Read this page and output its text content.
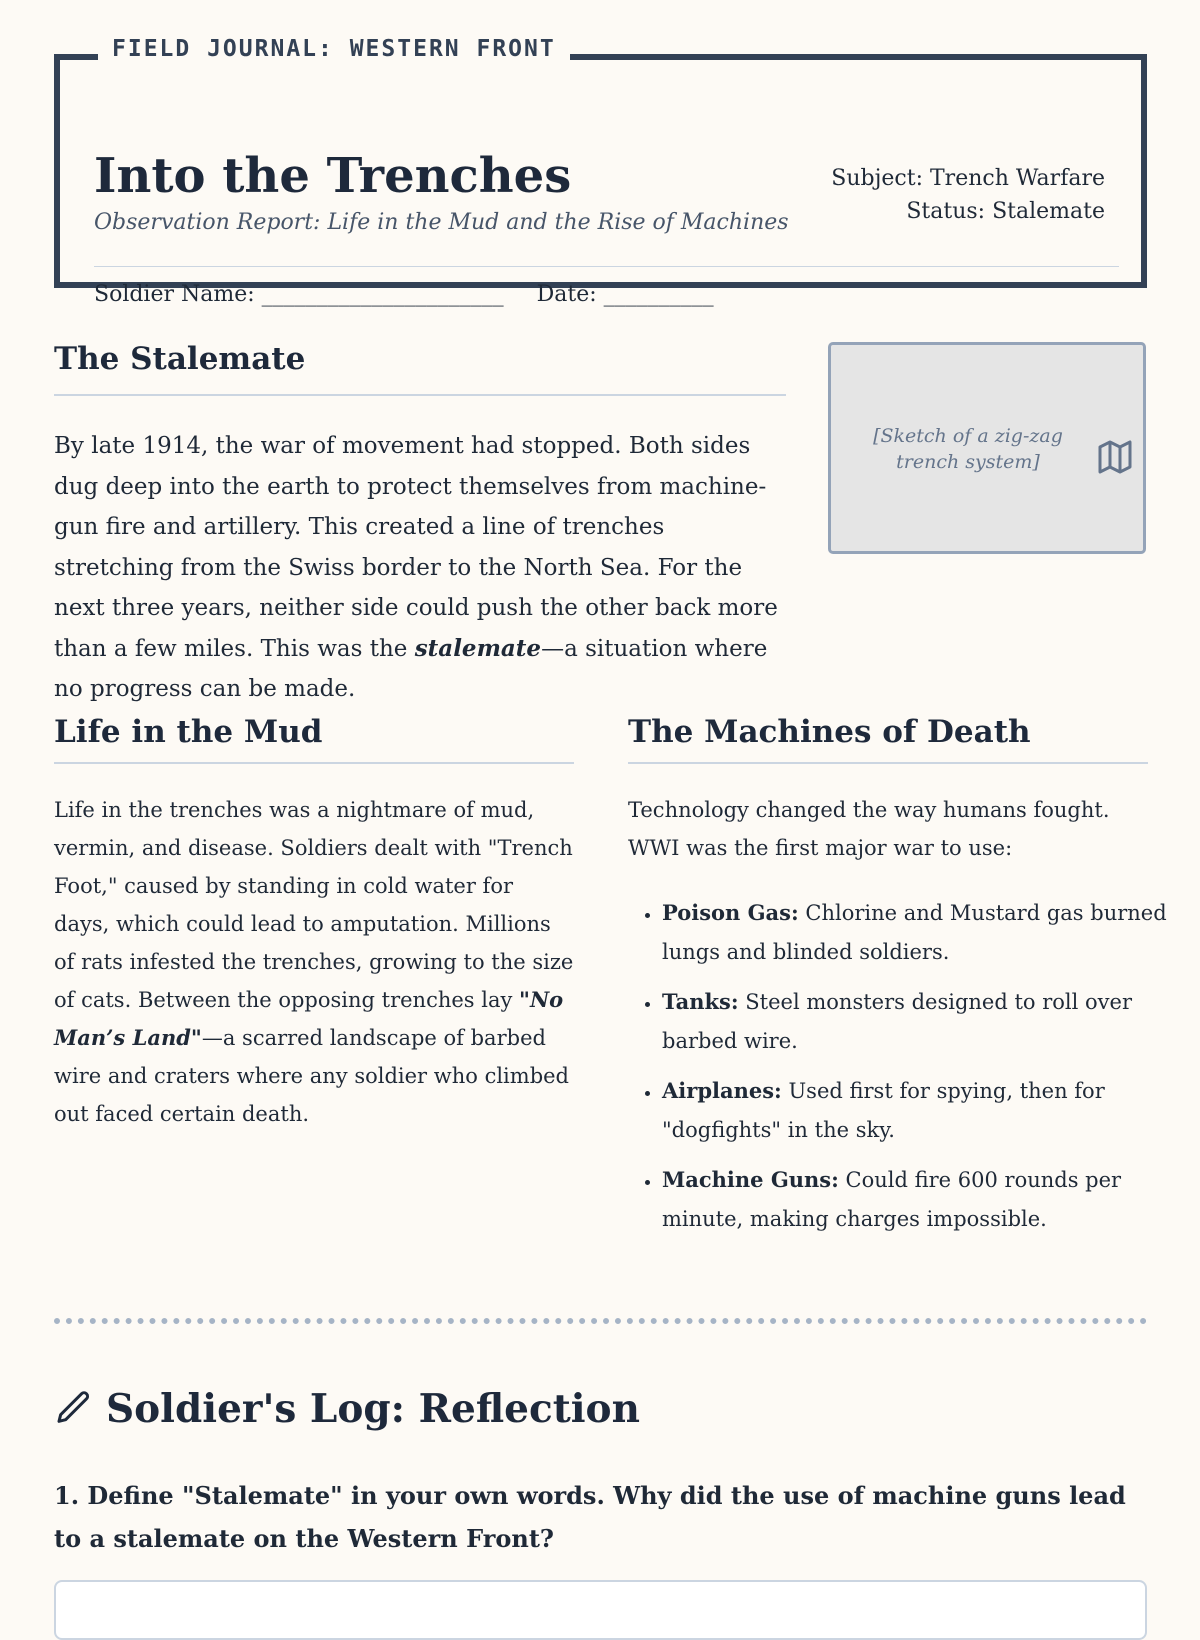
Into the Trenches
Observation Report: Life in the Mud and the Rise of Machines
Subject: Trench Warfare
Status: Stalemate
Soldier Name: ______________________ Date: __________
FIELD JOURNAL: WESTERN FRONT
The Stalemate
By late 1914, the war of movement had stopped. Both sides dug deep into the earth to protect themselves from machine-gun fire and artillery. This created a line of trenches stretching from the Swiss border to the North Sea. For the next three years, neither side could push the other back more than a few miles. This was the stalemate—a situation where no progress can be made.
[Sketch of a zig-zag trench system]
Life in the Mud
Life in the trenches was a nightmare of mud, vermin, and disease. Soldiers dealt with "Trench Foot," caused by standing in cold water for days, which could lead to amputation. Millions of rats infested the trenches, growing to the size of cats. Between the opposing trenches lay "No Man’s Land"—a scarred landscape of barbed wire and craters where any soldier who climbed out faced certain death.
The Machines of Death
Technology changed the way humans fought. WWI was the first major war to use:
• Poison Gas: Chlorine and Mustard gas burned lungs and blinded soldiers.
• Tanks: Steel monsters designed to roll over barbed wire.
• Airplanes: Used first for spying, then for "dogfights" in the sky.
• Machine Guns: Could fire 600 rounds per minute, making charges impossible.
Soldier's Log: Reflection
1. Define "Stalemate" in your own words. Why did the use of machine guns lead to a stalemate on the Western Front?
